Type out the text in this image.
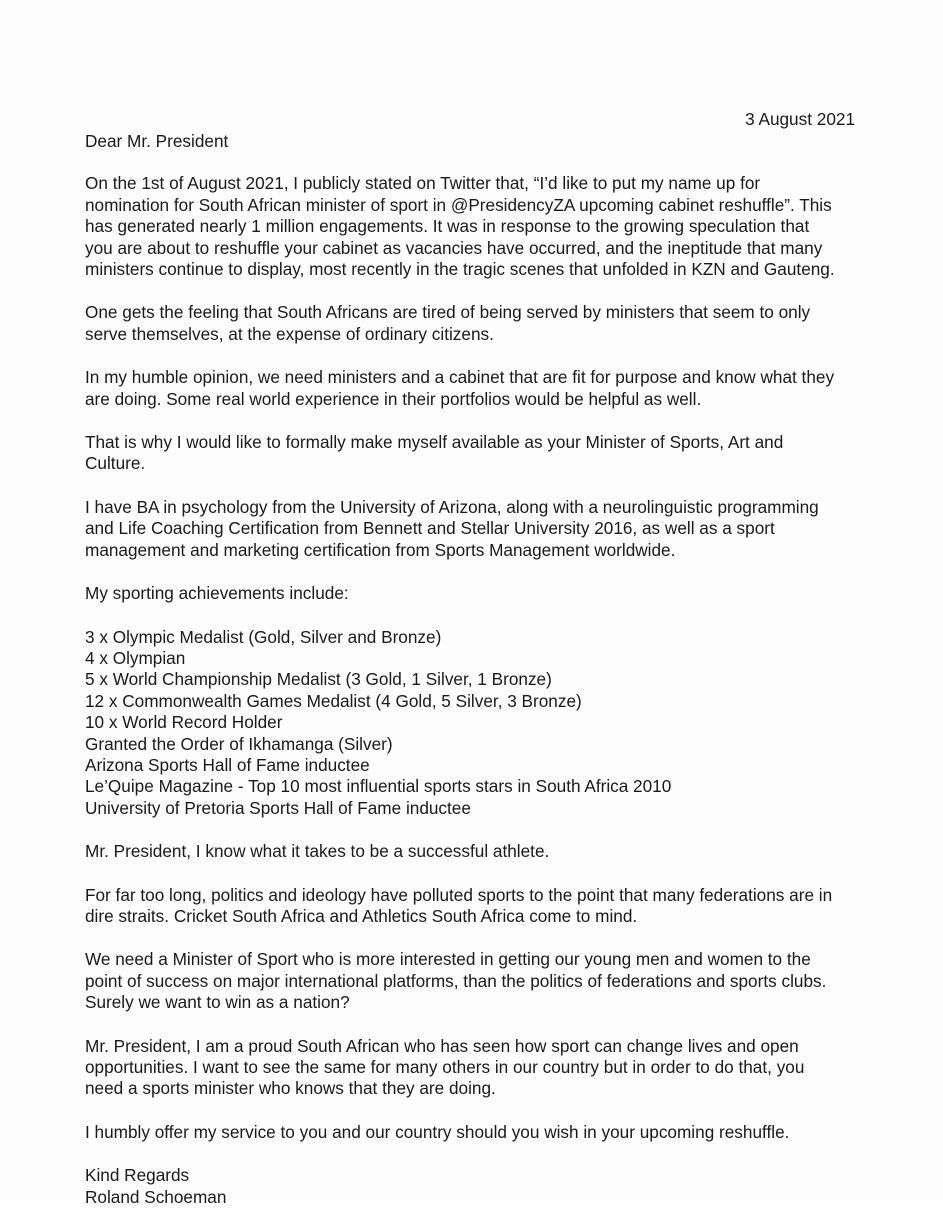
3 August 2021

Dear Mr. President

On the 1st of August 2021, I publicly stated on Twitter that, “I’d like to put my name up for
nomination for South African minister of sport in @PresidencyZA upcoming cabinet reshuffle”. This
has generated nearly 1 million engagements. It was in response to the growing speculation that
you are about to reshuffle your cabinet as vacancies have occurred, and the ineptitude that many
ministers continue to display, most recently in the tragic scenes that unfolded in KZN and Gauteng.

One gets the feeling that South Africans are tired of being served by ministers that seem to only
serve themselves, at the expense of ordinary citizens.

In my humble opinion, we need ministers and a cabinet that are fit for purpose and know what they
are doing. Some real world experience in their portfolios would be helpful as well.

That is why I would like to formally make myself available as your Minister of Sports, Art and
Culture.

I have BA in psychology from the University of Arizona, along with a neurolinguistic programming
and Life Coaching Certification from Bennett and Stellar University 2016, as well as a sport
management and marketing certification from Sports Management worldwide.

My sporting achievements include:

3 x Olympic Medalist (Gold, Silver and Bronze)
4 x Olympian
5 x World Championship Medalist (3 Gold, 1 Silver, 1 Bronze)
12 x Commonwealth Games Medalist (4 Gold, 5 Silver, 3 Bronze)
10 x World Record Holder
Granted the Order of Ikhamanga (Silver)
Arizona Sports Hall of Fame inductee
Le’Quipe Magazine - Top 10 most influential sports stars in South Africa 2010
University of Pretoria Sports Hall of Fame inductee

Mr. President, I know what it takes to be a successful athlete.

For far too long, politics and ideology have polluted sports to the point that many federations are in
dire straits. Cricket South Africa and Athletics South Africa come to mind.

We need a Minister of Sport who is more interested in getting our young men and women to the
point of success on major international platforms, than the politics of federations and sports clubs.
Surely we want to win as a nation?

Mr. President, I am a proud South African who has seen how sport can change lives and open
opportunities. I want to see the same for many others in our country but in order to do that, you
need a sports minister who knows that they are doing.

I humbly offer my service to you and our country should you wish in your upcoming reshuffle.

Kind Regards
Roland Schoeman
